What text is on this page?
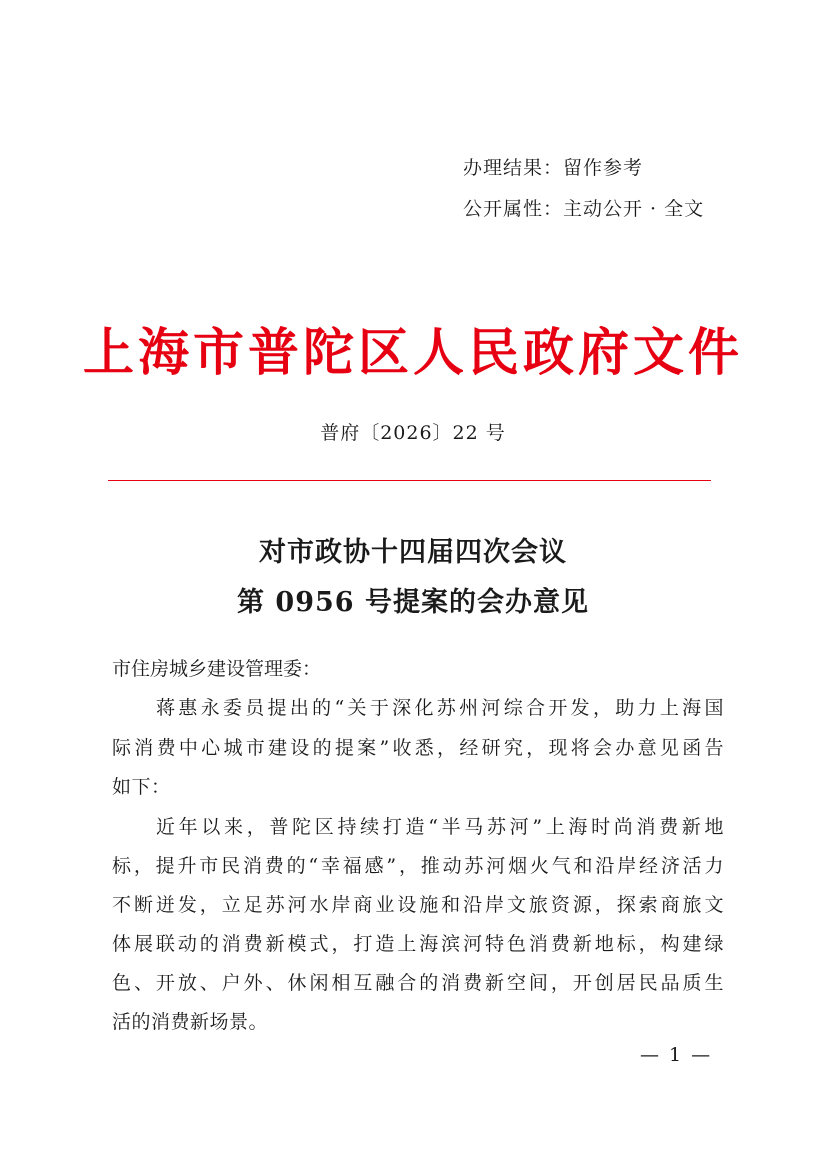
办理结果：留作参考
公开属性：主动公开 · 全文
上海市普陀区人民政府文件
普府〔2026〕22 号
对市政协十四届四次会议
第 0956 号提案的会办意见
市住房城乡建设管理委：
蒋惠永委员提出的“关于深化苏州河综合开发，助力上海国
际消费中心城市建设的提案”收悉，经研究，现将会办意见函告
如下：
近年以来，普陀区持续打造“半马苏河”上海时尚消费新地
标，提升市民消费的“幸福感”，推动苏河烟火气和沿岸经济活力
不断迸发，立足苏河水岸商业设施和沿岸文旅资源，探索商旅文
体展联动的消费新模式，打造上海滨河特色消费新地标，构建绿
色、开放、户外、休闲相互融合的消费新空间，开创居民品质生
活的消费新场景。
— 1 —
